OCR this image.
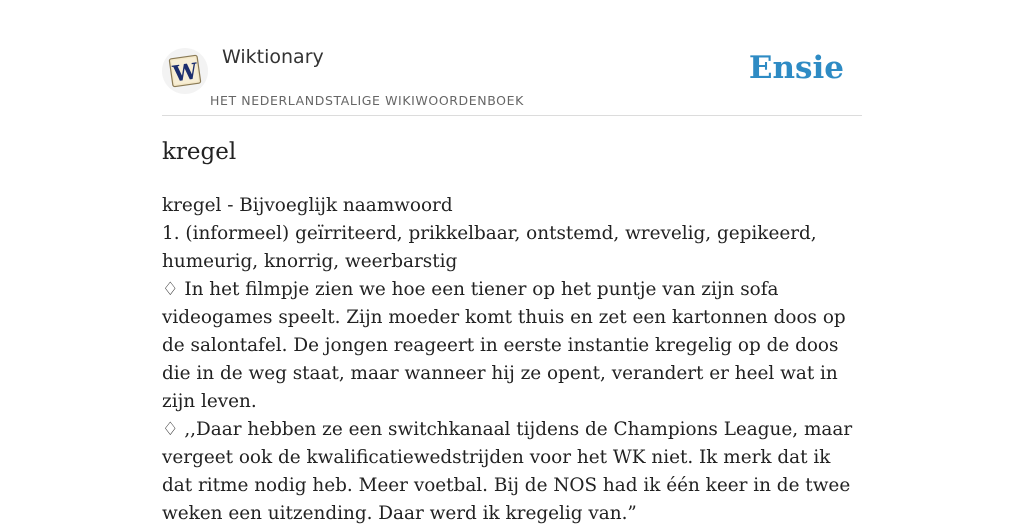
W
Wiktionary
HET NEDERLANDSTALIGE WIKIWOORDENBOEK
Ensie
kregel

kregel - Bijvoeglijk naamwoord

1. (informeel) geïrriteerd, prikkelbaar, ontstemd, wrevelig, gepikeerd, humeurig, knorrig, weerbarstig

♢ In het filmpje zien we hoe een tiener op het puntje van zijn sofa videogames speelt. Zijn moeder komt thuis en zet een kartonnen doos op de salontafel. De jongen reageert in eerste instantie kregelig op de doos die in de weg staat, maar wanneer hij ze opent, verandert er heel wat in zijn leven.

♢ ,,Daar hebben ze een switchkanaal tijdens de Champions League, maar vergeet ook de kwalificatiewedstrijden voor het WK niet. Ik merk dat ik dat ritme nodig heb. Meer voetbal. Bij de NOS had ik één keer in de twee weken een uitzending. Daar werd ik kregelig van.”
